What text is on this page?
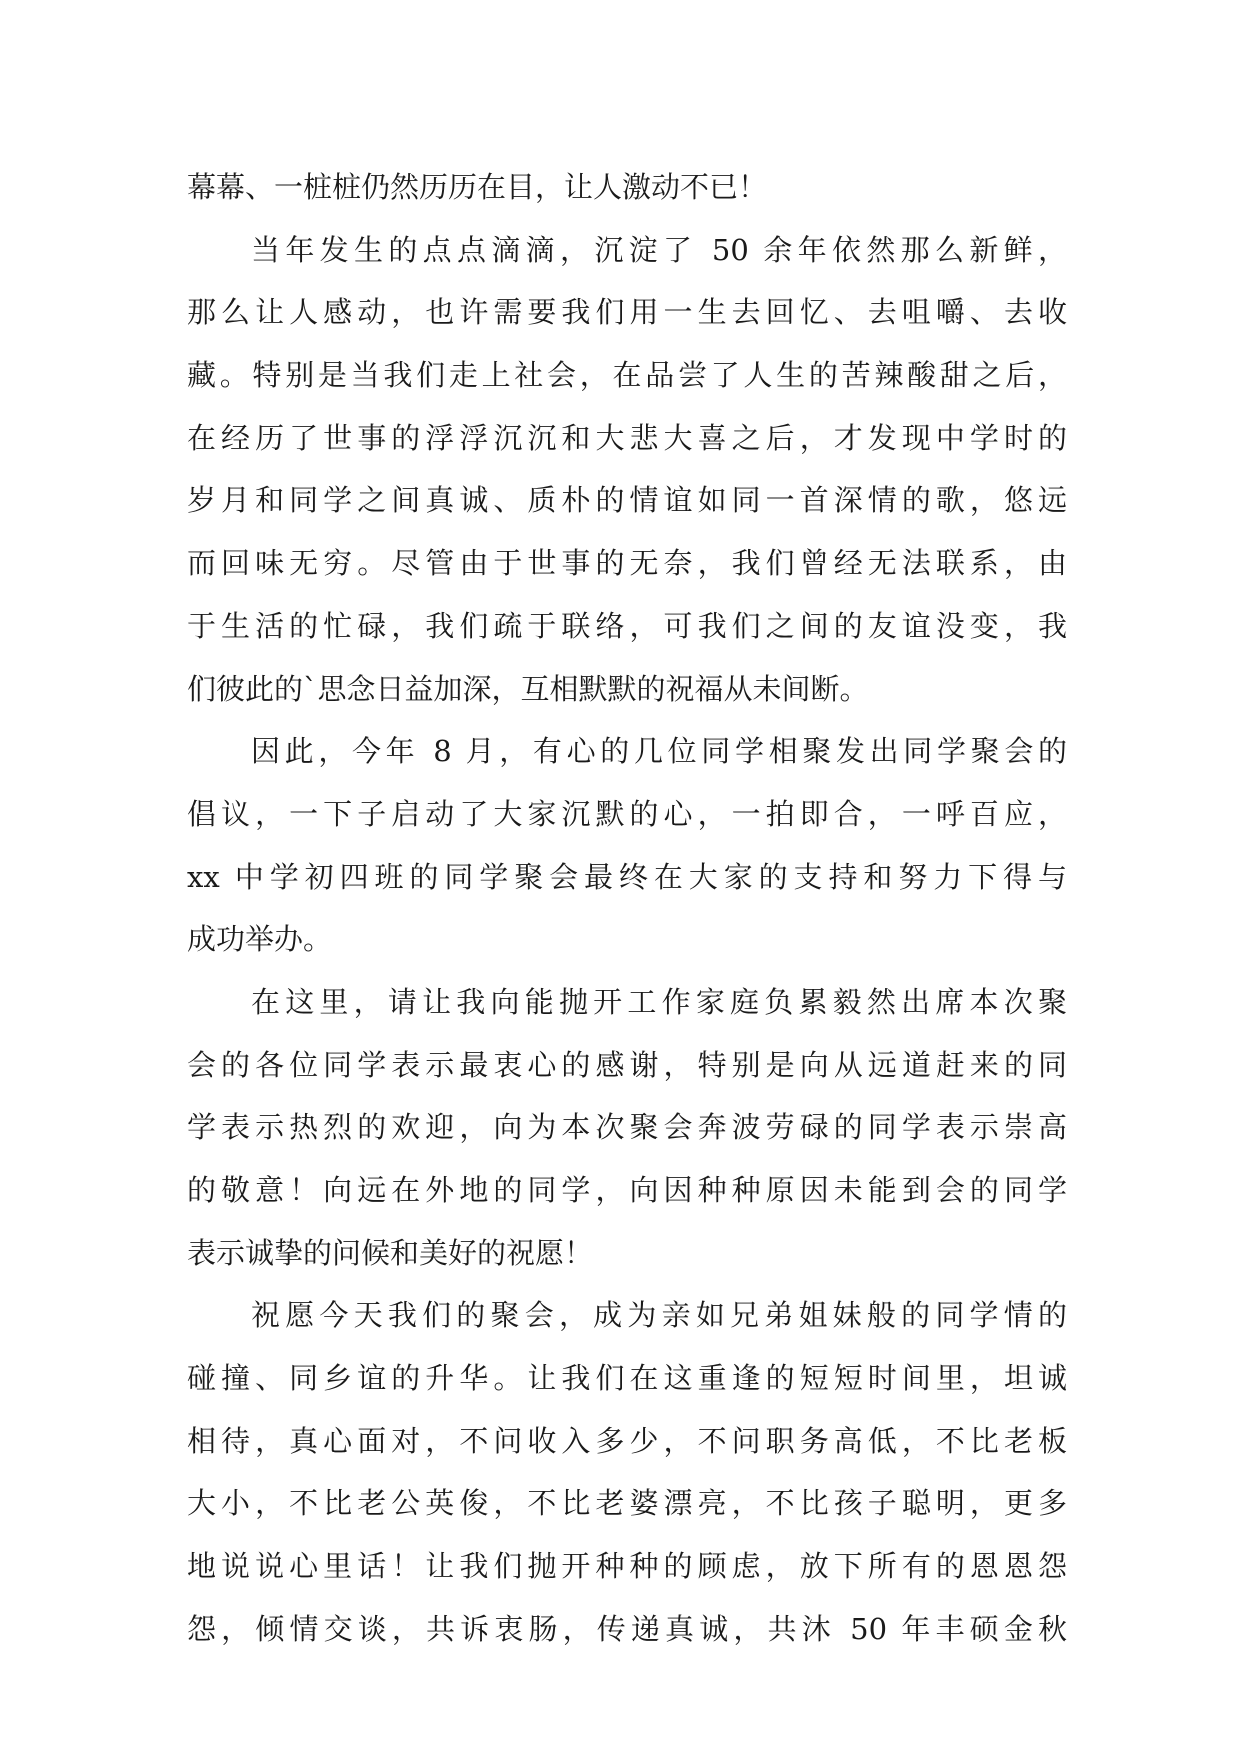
幕幕、一桩桩仍然历历在目，让人激动不已！
当年发生的点点滴滴，沉淀了 50 余年依然那么新鲜，
那么让人感动，也许需要我们用一生去回忆、去咀嚼、去收
藏。特别是当我们走上社会，在品尝了人生的苦辣酸甜之后，
在经历了世事的浮浮沉沉和大悲大喜之后，才发现中学时的
岁月和同学之间真诚、质朴的情谊如同一首深情的歌，悠远
而回味无穷。尽管由于世事的无奈，我们曾经无法联系，由
于生活的忙碌，我们疏于联络，可我们之间的友谊没变，我
们彼此的`思念日益加深，互相默默的祝福从未间断。
因此，今年 8 月，有心的几位同学相聚发出同学聚会的
倡议，一下子启动了大家沉默的心，一拍即合，一呼百应，
xx 中学初四班的同学聚会最终在大家的支持和努力下得与
成功举办。
在这里，请让我向能抛开工作家庭负累毅然出席本次聚
会的各位同学表示最衷心的感谢，特别是向从远道赶来的同
学表示热烈的欢迎，向为本次聚会奔波劳碌的同学表示崇高
的敬意！向远在外地的同学，向因种种原因未能到会的同学
表示诚挚的问候和美好的祝愿！
祝愿今天我们的聚会，成为亲如兄弟姐妹般的同学情的
碰撞、同乡谊的升华。让我们在这重逢的短短时间里，坦诚
相待，真心面对，不问收入多少，不问职务高低，不比老板
大小，不比老公英俊，不比老婆漂亮，不比孩子聪明，更多
地说说心里话！让我们抛开种种的顾虑，放下所有的恩恩怨
怨，倾情交谈，共诉衷肠，传递真诚，共沐 50 年丰硕金秋
